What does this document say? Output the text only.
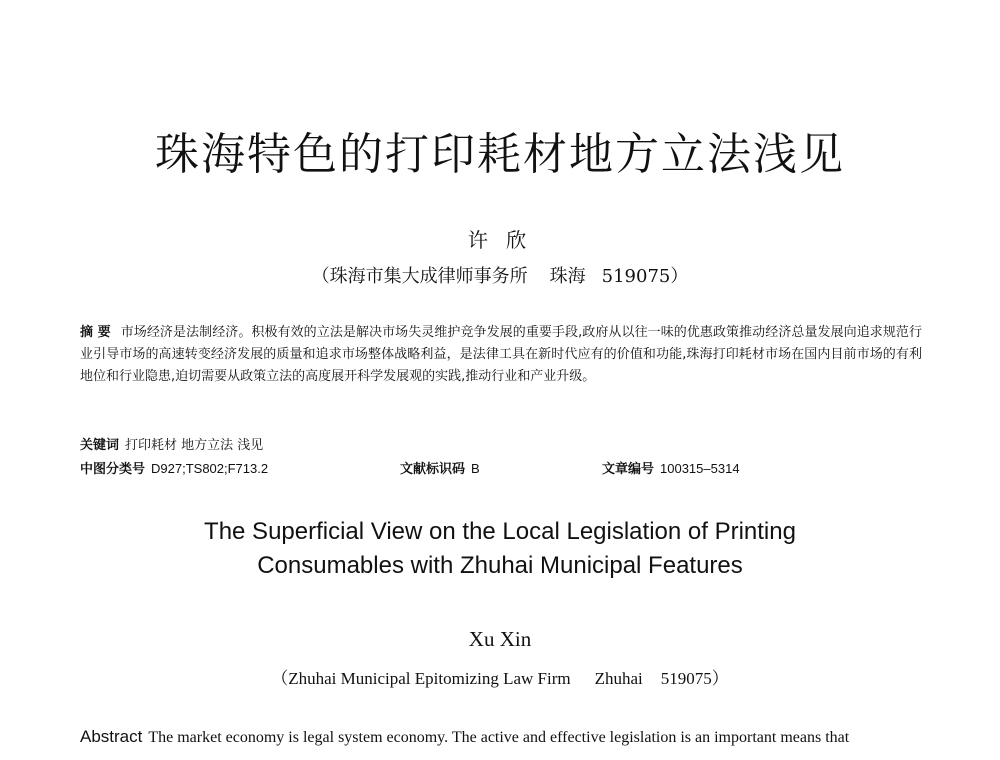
珠海特色的打印耗材地方立法浅见
许 欣
（珠海市集大成律师事务所 珠海 519075）
摘 要 市场经济是法制经济。积极有效的立法是解决市场失灵维护竞争发展的重要手段,政府从以往一味的优惠政策推动经济总量发展向追求规范行业引导市场的高速转变经济发展的质量和追求市场整体战略利益，是法律工具在新时代应有的价值和功能,珠海打印耗材市场在国内目前市场的有利地位和行业隐患,迫切需要从政策立法的高度展开科学发展观的实践,推动行业和产业升级。
关键词 打印耗材 地方立法 浅见
中图分类号 D927;TS802;F713.2	文献标识码 B	文章编号 100315–5314
The Superficial View on the Local Legislation of Printing
Consumables with Zhuhai Municipal Features
Xu Xin
（Zhuhai Municipal Epitomizing Law Firm Zhuhai 519075）
Abstract The market economy is legal system economy. The active and effective legislation is an important means that
